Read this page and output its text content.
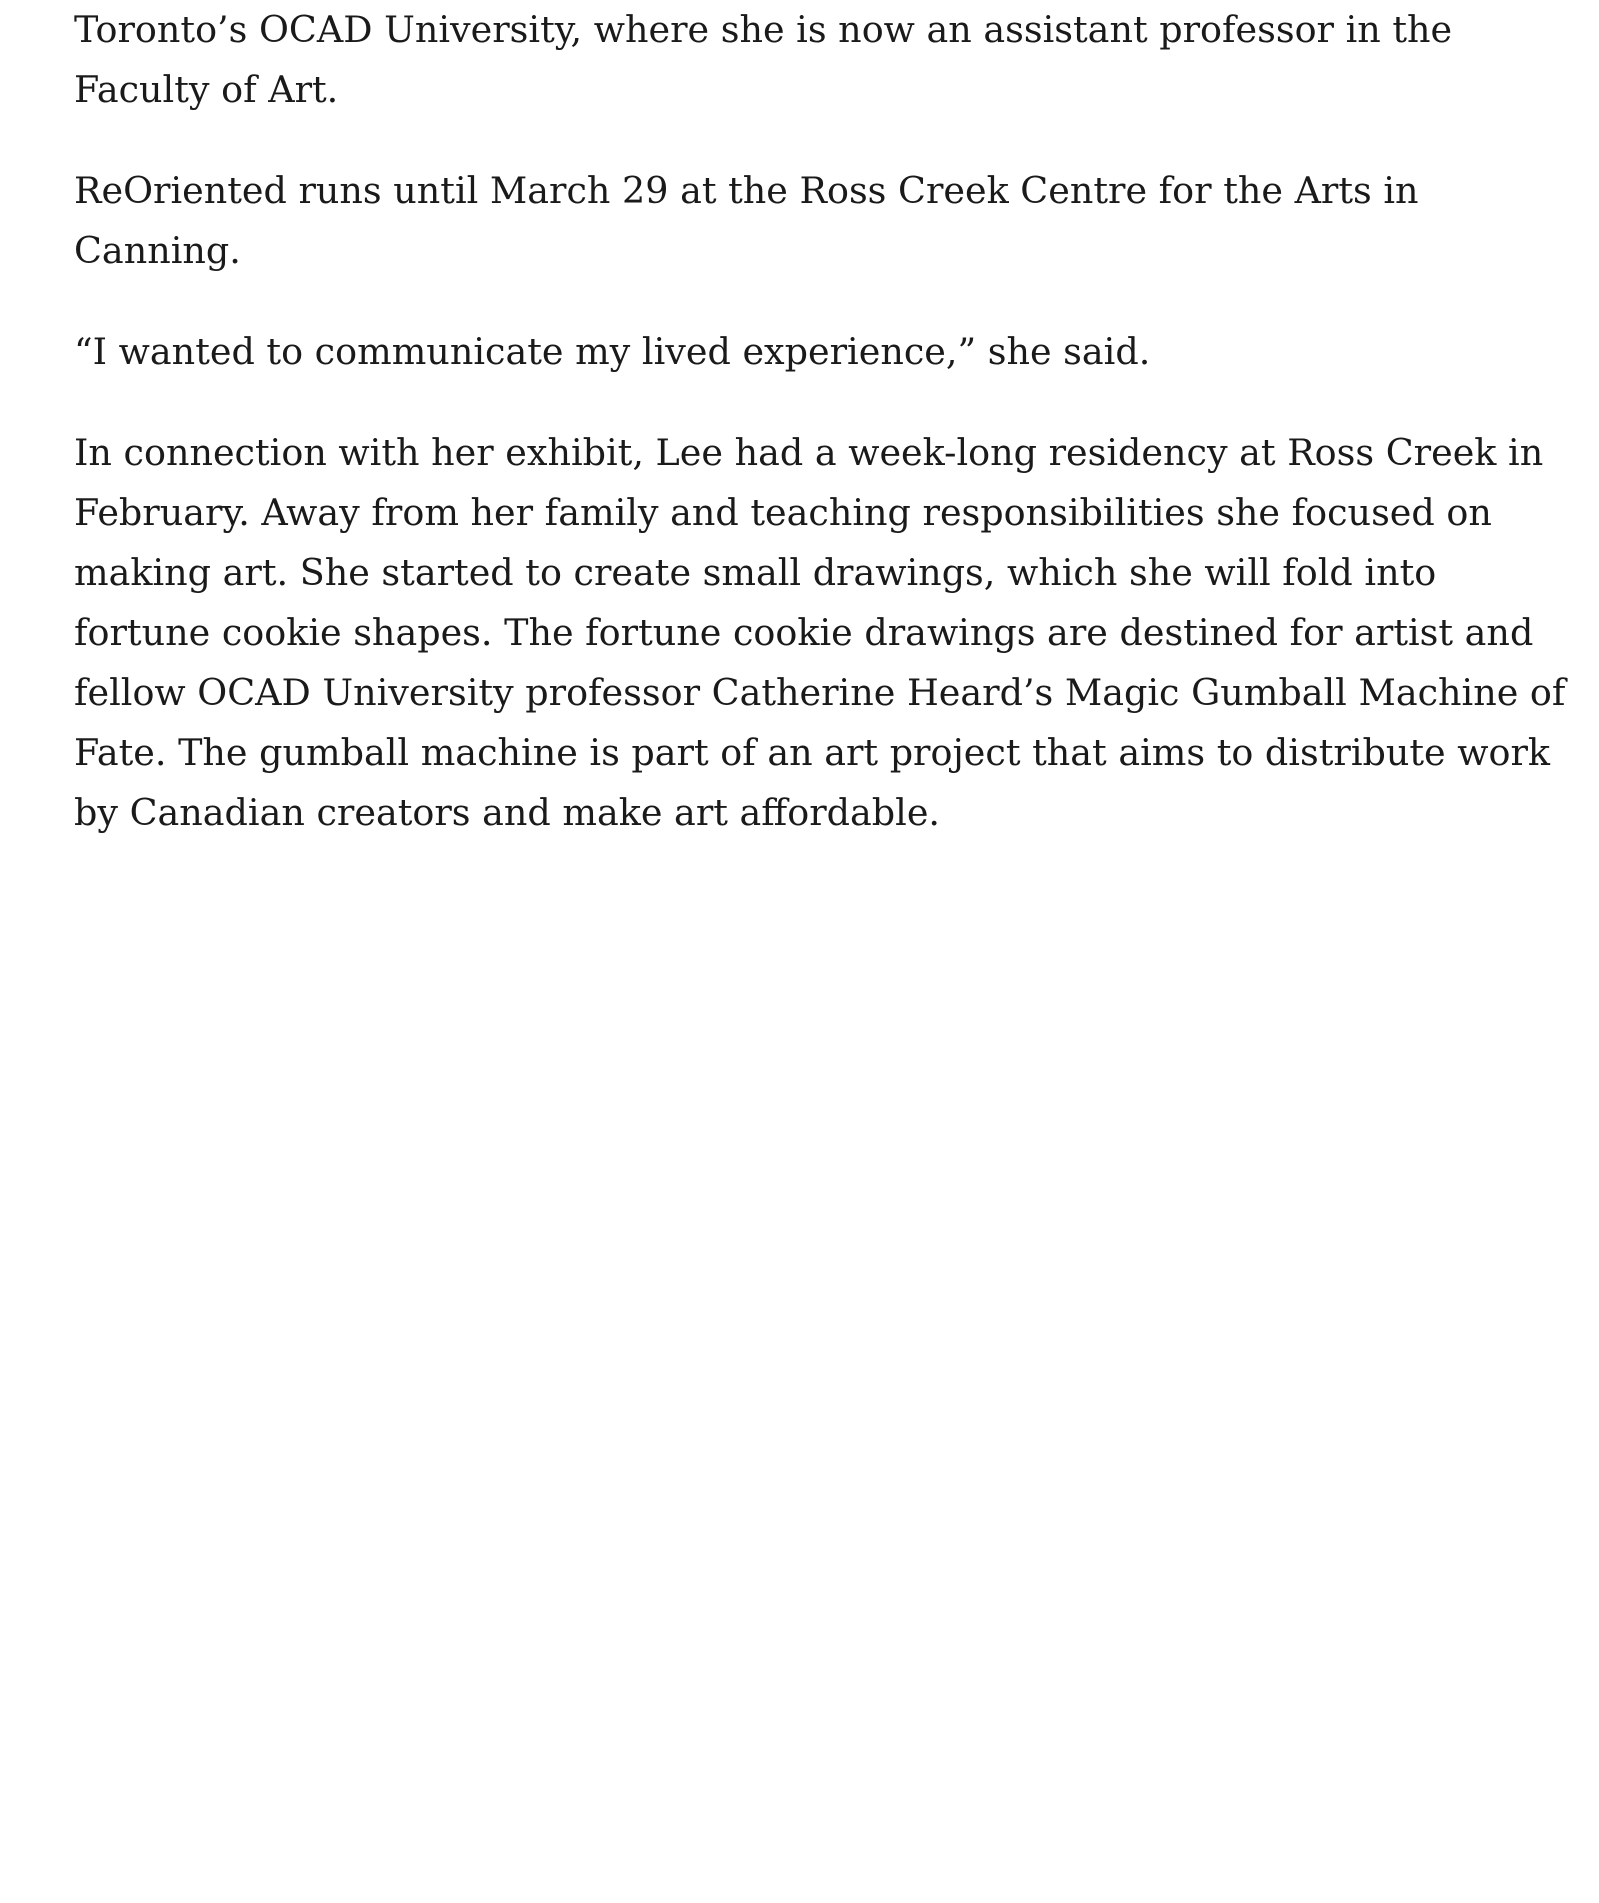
Toronto’s OCAD University, where she is now an assistant professor in the
Faculty of Art.

ReOriented runs until March 29 at the Ross Creek Centre for the Arts in
Canning.

“I wanted to communicate my lived experience,” she said.

In connection with her exhibit, Lee had a week-long residency at Ross Creek in
February. Away from her family and teaching responsibilities she focused on
making art. She started to create small drawings, which she will fold into
fortune cookie shapes. The fortune cookie drawings are destined for artist and
fellow OCAD University professor Catherine Heard’s Magic Gumball Machine of
Fate. The gumball machine is part of an art project that aims to distribute work
by Canadian creators and make art affordable.
